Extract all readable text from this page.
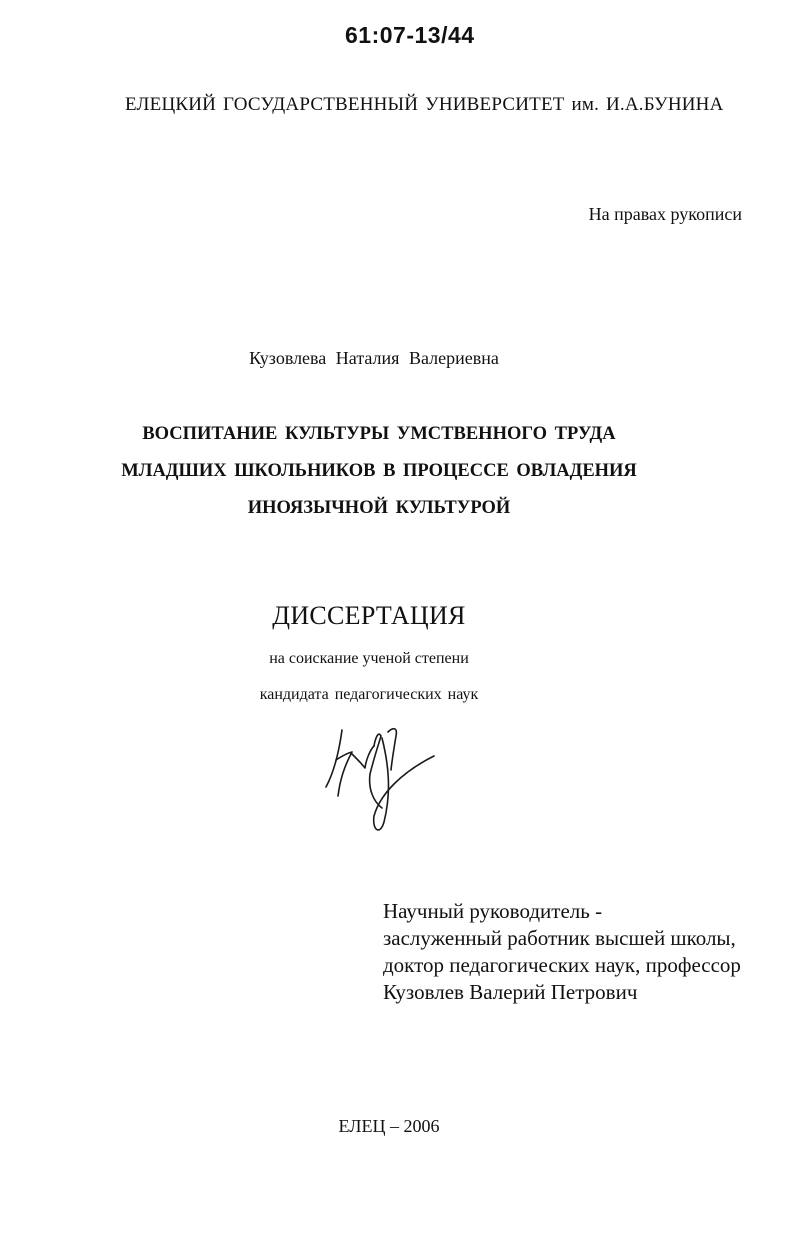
61:07-13/44
ЕЛЕЦКИЙ ГОСУДАРСТВЕННЫЙ УНИВЕРСИТЕТ им. И.А.БУНИНА
На правах рукописи
Кузовлева Наталия Валериевна
ВОСПИТАНИЕ КУЛЬТУРЫ УМСТВЕННОГО ТРУДА
МЛАДШИХ ШКОЛЬНИКОВ В ПРОЦЕССЕ ОВЛАДЕНИЯ
ИНОЯЗЫЧНОЙ КУЛЬТУРОЙ
ДИССЕРТАЦИЯ
на соискание ученой степени
кандидата педагогических наук
Научный руководитель -
заслуженный работник высшей школы,
доктор педагогических наук, профессор
Кузовлев Валерий Петрович
ЕЛЕЦ – 2006
